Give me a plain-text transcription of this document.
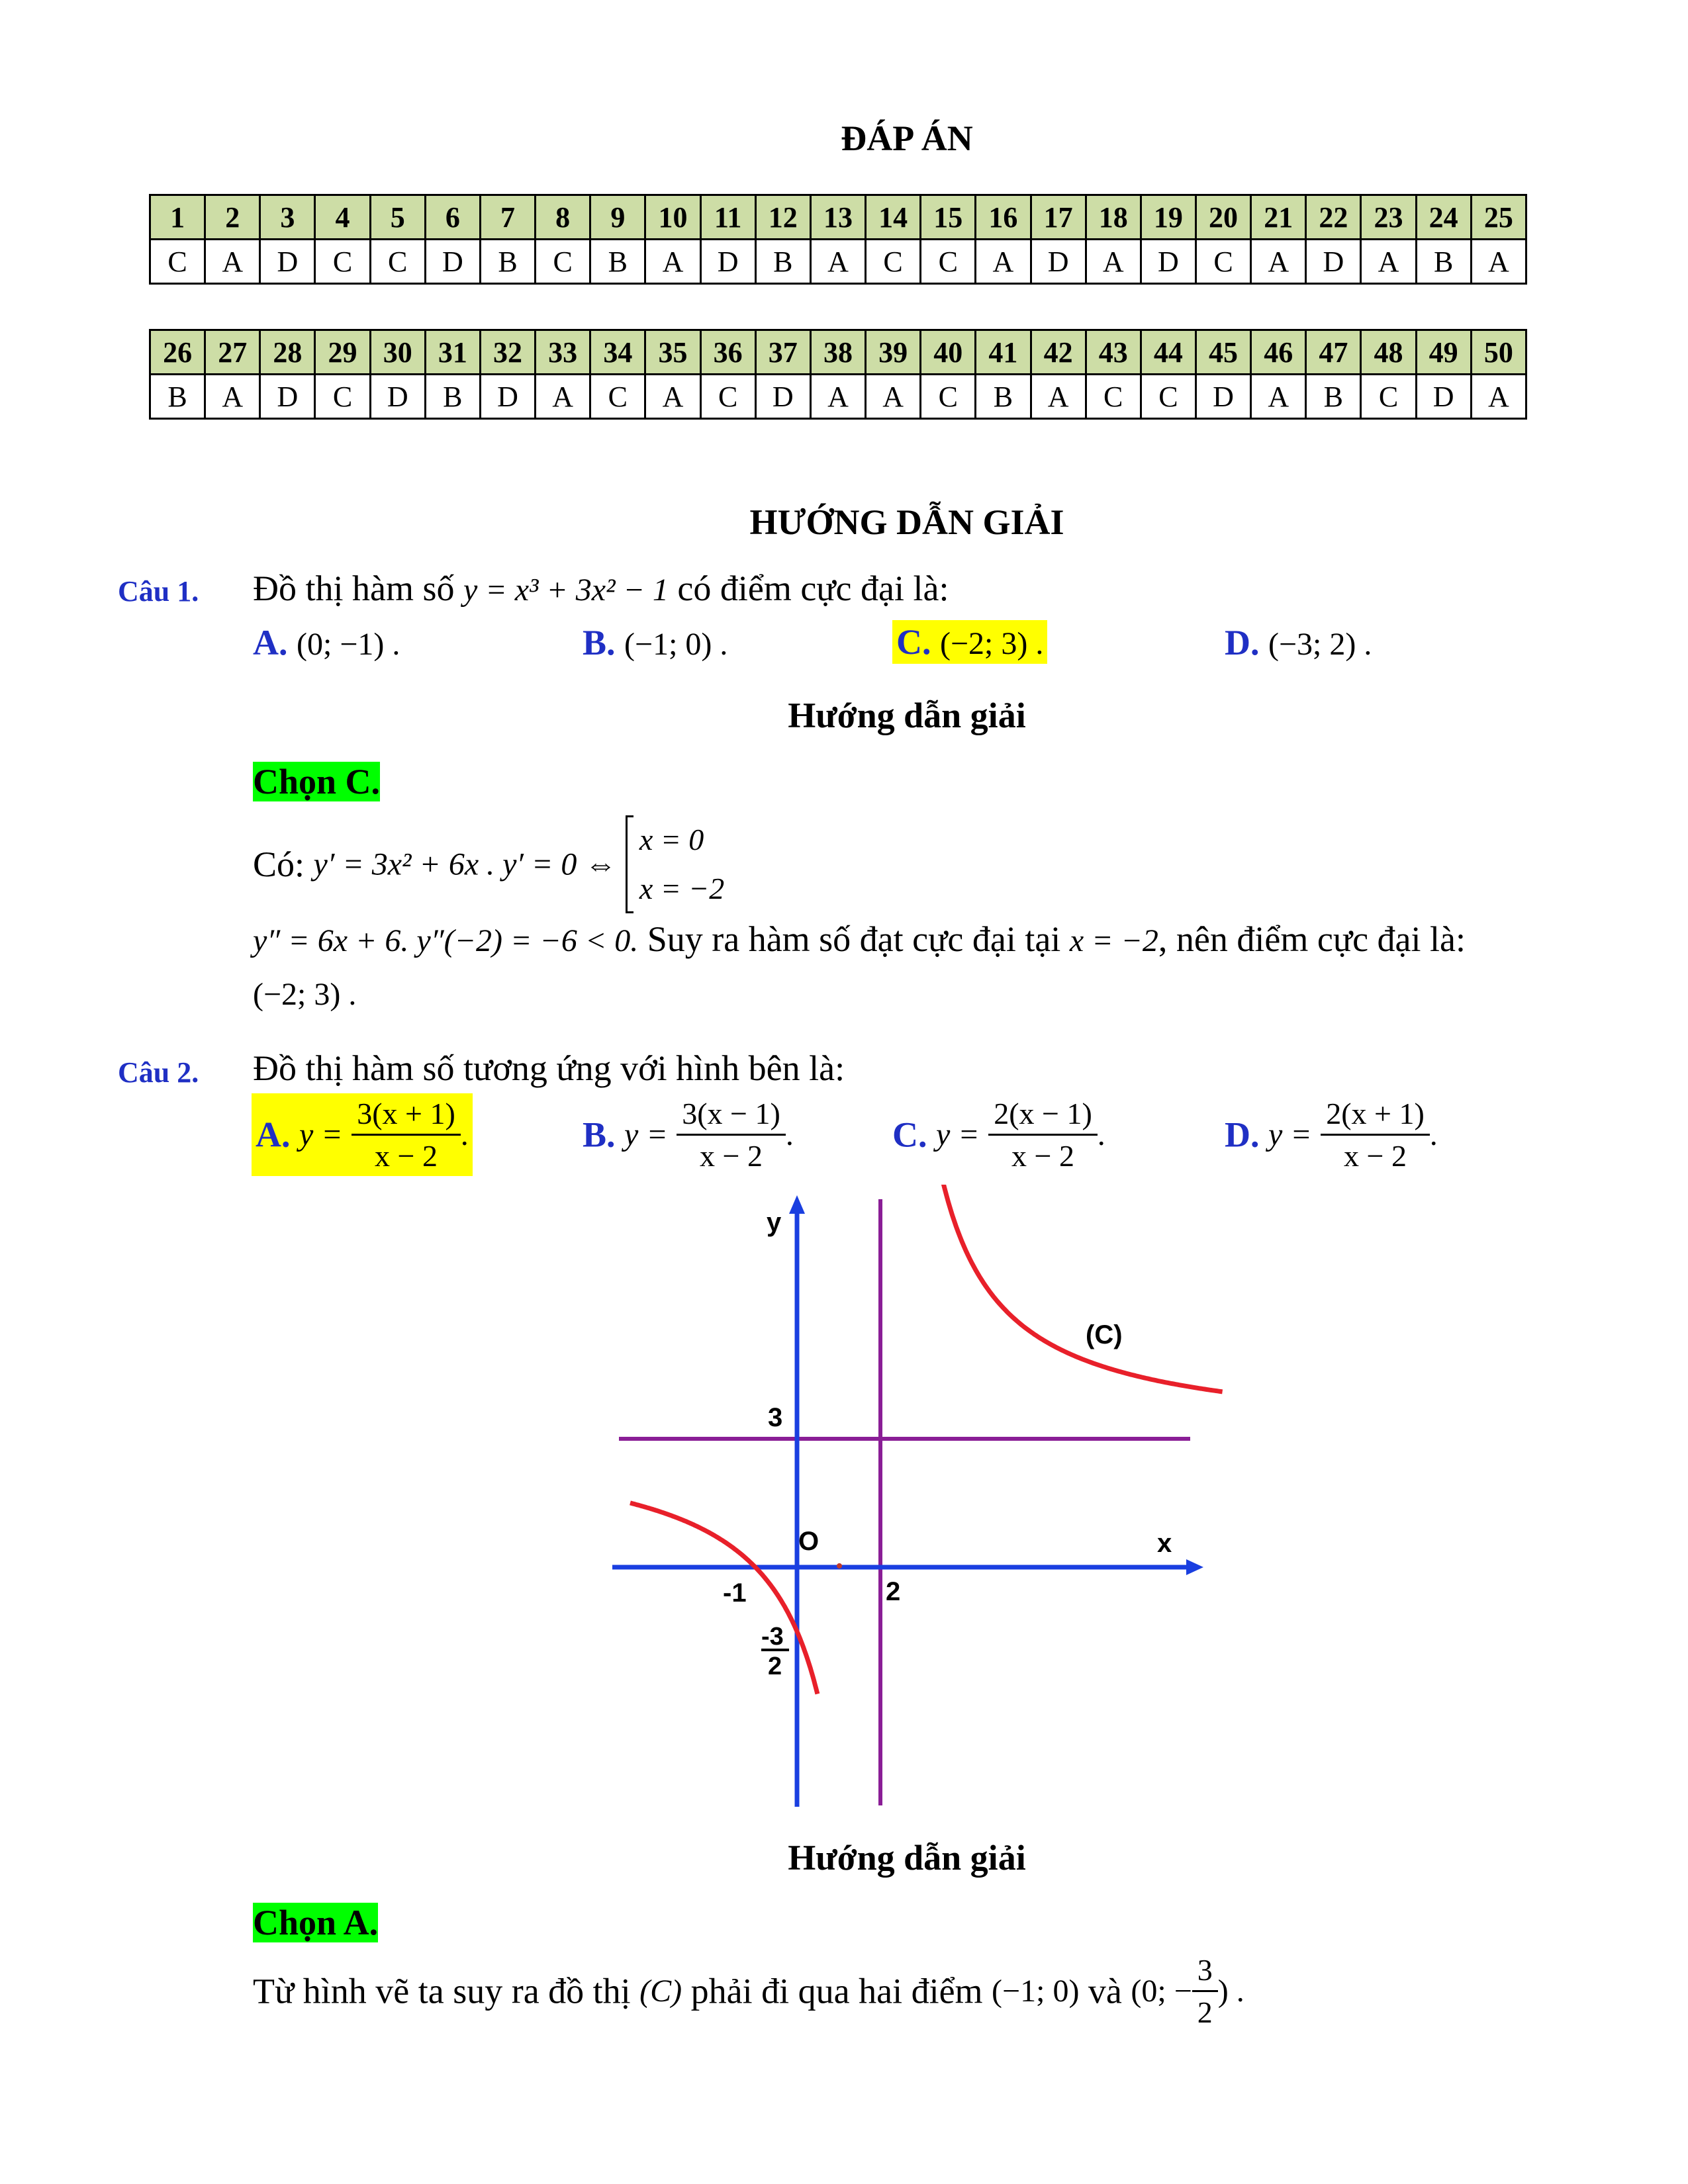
ĐÁP ÁN
1	2	3	4	5	6	7	8	9	10	11	12	13	14	15	16	17	18	19	20	21	22	23	24	25
C	A	D	C	C	D	B	C	B	A	D	B	A	C	C	A	D	A	D	C	A	D	A	B	A
26	27	28	29	30	31	32	33	34	35	36	37	38	39	40	41	42	43	44	45	46	47	48	49	50
B	A	D	C	D	B	D	A	C	A	C	D	A	A	C	B	A	C	C	D	A	B	C	D	A
HƯỚNG DẪN GIẢI
Câu 1. Đồ thị hàm số y = x³ + 3x² − 1 có điểm cực đại là:
A. (0; −1) .	B. (−1; 0) .	C. (−2; 3) .	D. (−3; 2) .
Hướng dẫn giải
Chọn C.
Có: y′ = 3x² + 6x . y′ = 0 ⇔
x = 0
x = −2
y″ = 6x + 6. y″(−2) = −6 < 0. Suy ra hàm số đạt cực đại tại x = −2, nên điểm cực đại là:
(−2; 3) .
Câu 2. Đồ thị hàm số tương ứng với hình bên là:
A. $y = \frac{3(x + 1)}{x - 2}$ .	B. $y = \frac{3(x - 1)}{x - 2}$ .	C. $y = \frac{2(x - 1)}{x - 2}$ .	D. $y = \frac{2(x + 1)}{x - 2}$ .
y
x
O
(C)
3
-1	2
-3
2
Hướng dẫn giải
Chọn A.
Từ hình vẽ ta suy ra đồ thị (C) phải đi qua hai điểm (−1; 0) và (0; − $\frac{3}{2}$ ) .
